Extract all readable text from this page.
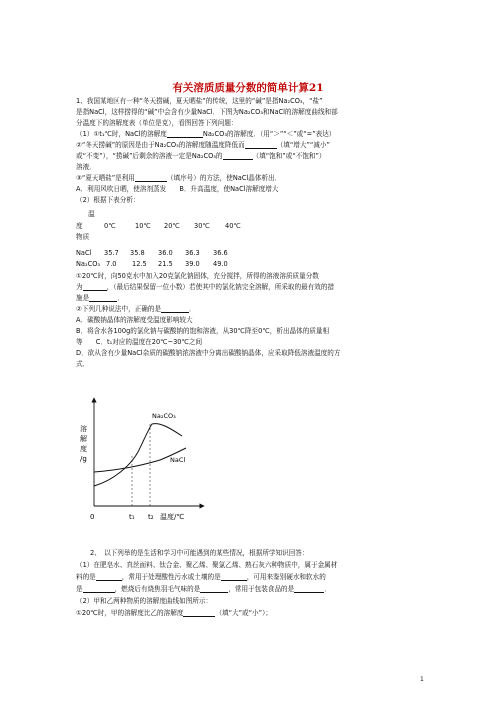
有关溶质质量分数的简单计算21
1、我国某地区有一种“冬天捞碱，夏天晒盐”的传统，这里的“碱”是指Na₂CO₃，“盐”
是指NaCl，这样捞得的“碱”中会含有少量NaCl．下图为Na₂CO₃和NaCl的溶解度曲线和部
分温度下的溶解度表（单位是克），看图回答下列问题：
（1）①t₁℃时，NaCl的溶解度	Na₂CO₃的溶解度．（用“＞”“＜”或“=”表达）
②“冬天捞碱”的原因是由于Na₂CO₃的溶解度随温度降低而	（填“增大”“减小”
或“不变”），“捞碱”后剩余的溶液一定是Na₂CO₃的	（填“饱和”或“不饱和”）
溶液．
③“夏天晒盐”是利用	（填序号）的方法，使NaCl晶体析出．
A．利用风吹日晒，使溶剂蒸发　　B．升高温度，使NaCl溶解度增大
（2）根据下表分析：
温
度
物质
0℃	10℃ 20℃ 30℃ 40℃
NaCl 35.7 35.8 36.0 36.3 36.6
Na₂CO₃ 7.0 12.5 21.5 39.0 49.0
①20℃时，向50克水中加入20克氯化钠固体，充分搅拌，所得的溶液溶质质量分数
为	，（最后结果保留一位小数）若使其中的氯化钠完全溶解，所采取的最有效的措
施是	．
②下列几种说法中，正确的是	．
A．碳酸钠晶体的溶解度受温度影响较大
B．将含水各100g的氯化钠与碳酸钠的饱和溶液，从30℃降至0℃，析出晶体的质量相
等　　C．t₁对应的温度在20℃~30℃之间
D．欲从含有少量NaCl杂质的碳酸钠浓溶液中分离出碳酸钠晶体，应采取降低溶液温度的方
式．
溶
解
度
/g
0	t₁ t₂ 温度/℃
Na₂CO₃
NaCl
2、　以下列举的是生活和学习中可能遇到的某些情况，根据所学知识回答：
（1）在肥皂水、真丝面料、钛合金、聚乙烯、聚氯乙烯、熟石灰六种物质中，属于金属材
料的是	，常用于处理酸性污水或土壤的是	，可用来鉴别硬水和软水的
是	，燃烧后有烧焦羽毛气味的是	，常用于包装食品的是	．
（2）甲和乙两种物质的溶解度曲线如图所示：
①20℃时，甲的溶解度比乙的溶解度	（填“大”或“小”）；
1
